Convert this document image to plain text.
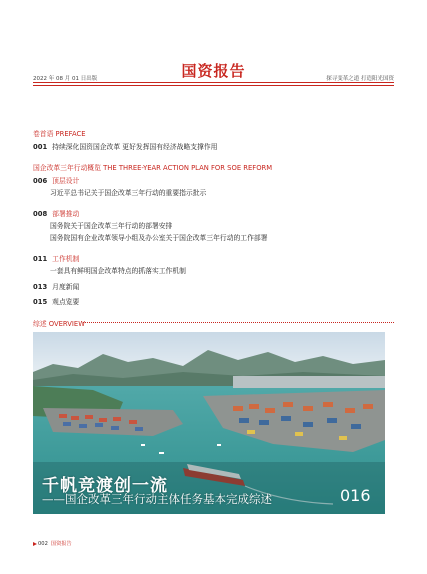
2022 年 08 月 01 日出版	国资报告	探寻变革之道 打造阳光国资
卷首语 PREFACE
001 持续深化国资国企改革 更好发挥国有经济战略支撑作用
国企改革三年行动概览 THE THREE-YEAR ACTION PLAN FOR SOE REFORM
006 顶层设计
习近平总书记关于国企改革三年行动的重要指示批示
008 部署推动
国务院关于国企改革三年行动的部署安排
国务院国有企业改革领导小组及办公室关于国企改革三年行动的工作部署
011 工作机制
一套具有鲜明国企改革特点的抓落实工作机制
013 月度新闻
015 观点览要
综述 OVERVIEW
千帆竞渡创一流
——国企改革三年行动主体任务基本完成综述	016
002 国资报告
